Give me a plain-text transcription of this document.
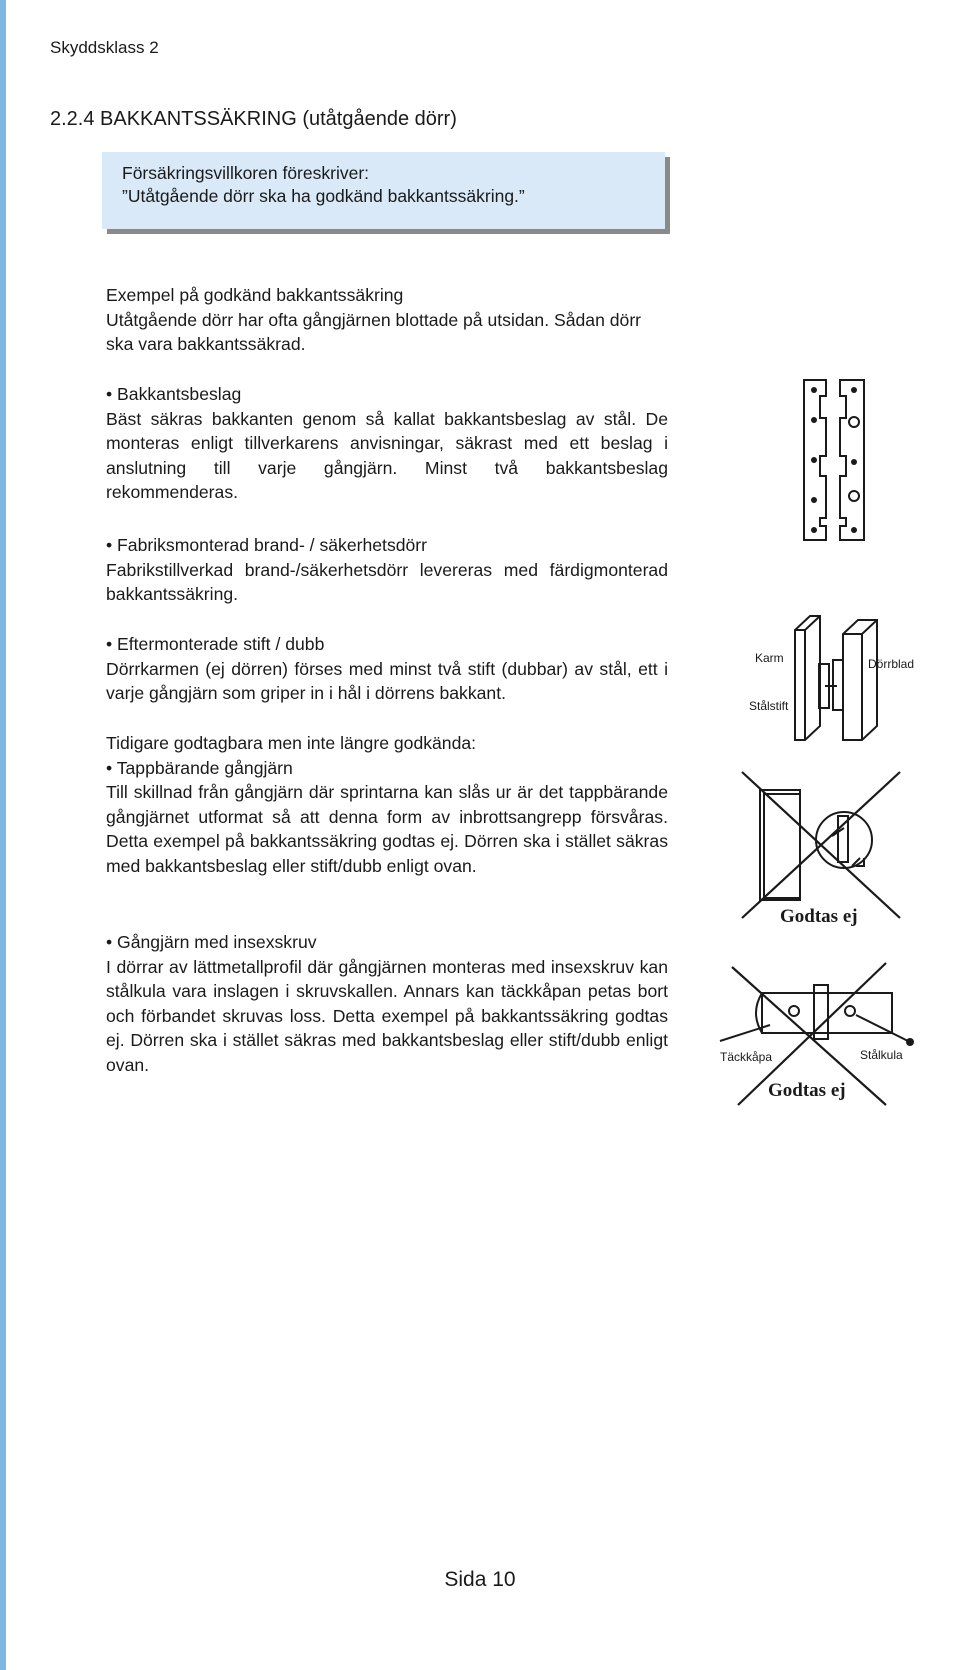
Skyddsklass 2
2.2.4 BAKKANTSSÄKRING (utåtgående dörr)
Försäkringsvillkoren föreskriver:
”Utåtgående dörr ska ha godkänd bakkantssäkring.”

Exempel på godkänd bakkantssäkring

Utåtgående dörr har ofta gångjärnen blottade på utsidan. Sådan dörr ska vara bakkantssäkrad.

• Bakkantsbeslag

Bäst säkras bakkanten genom så kallat bakkantsbeslag av stål. De monteras enligt tillverkarens anvisningar, säkrast med ett beslag i anslutning till varje gångjärn. Minst två bakkantsbeslag rekommenderas.

• Fabriksmonterad brand- / säkerhetsdörr

Fabrikstillverkad brand-/säkerhetsdörr levereras med färdigmonterad bakkantssäkring.

• Eftermonterade stift / dubb

Dörrkarmen (ej dörren) förses med minst två stift (dubbar) av stål, ett i varje gångjärn som griper in i hål i dörrens bakkant.

Tidigare godtagbara men inte längre godkända:

• Tappbärande gångjärn

Till skillnad från gångjärn där sprintarna kan slås ur är det tappbärande gångjärnet utformat så att denna form av inbrottsangrepp försvåras. Detta exempel på bakkantssäkring godtas ej. Dörren ska i stället säkras med bakkantsbeslag eller stift/dubb enligt ovan.

• Gångjärn med insexskruv

I dörrar av lättmetallprofil där gångjärnen monteras med insexskruv kan stålkula vara inslagen i skruvskallen. Annars kan täckkåpan petas bort och förbandet skruvas loss. Detta exempel på bakkantssäkring godtas ej. Dörren ska i stället säkras med bakkantsbeslag eller stift/dubb enligt ovan.

Karm
Stålstift
Dörrblad
Godtas ej
Täckkåpa	Stålkula
Godtas ej
Sida 10
